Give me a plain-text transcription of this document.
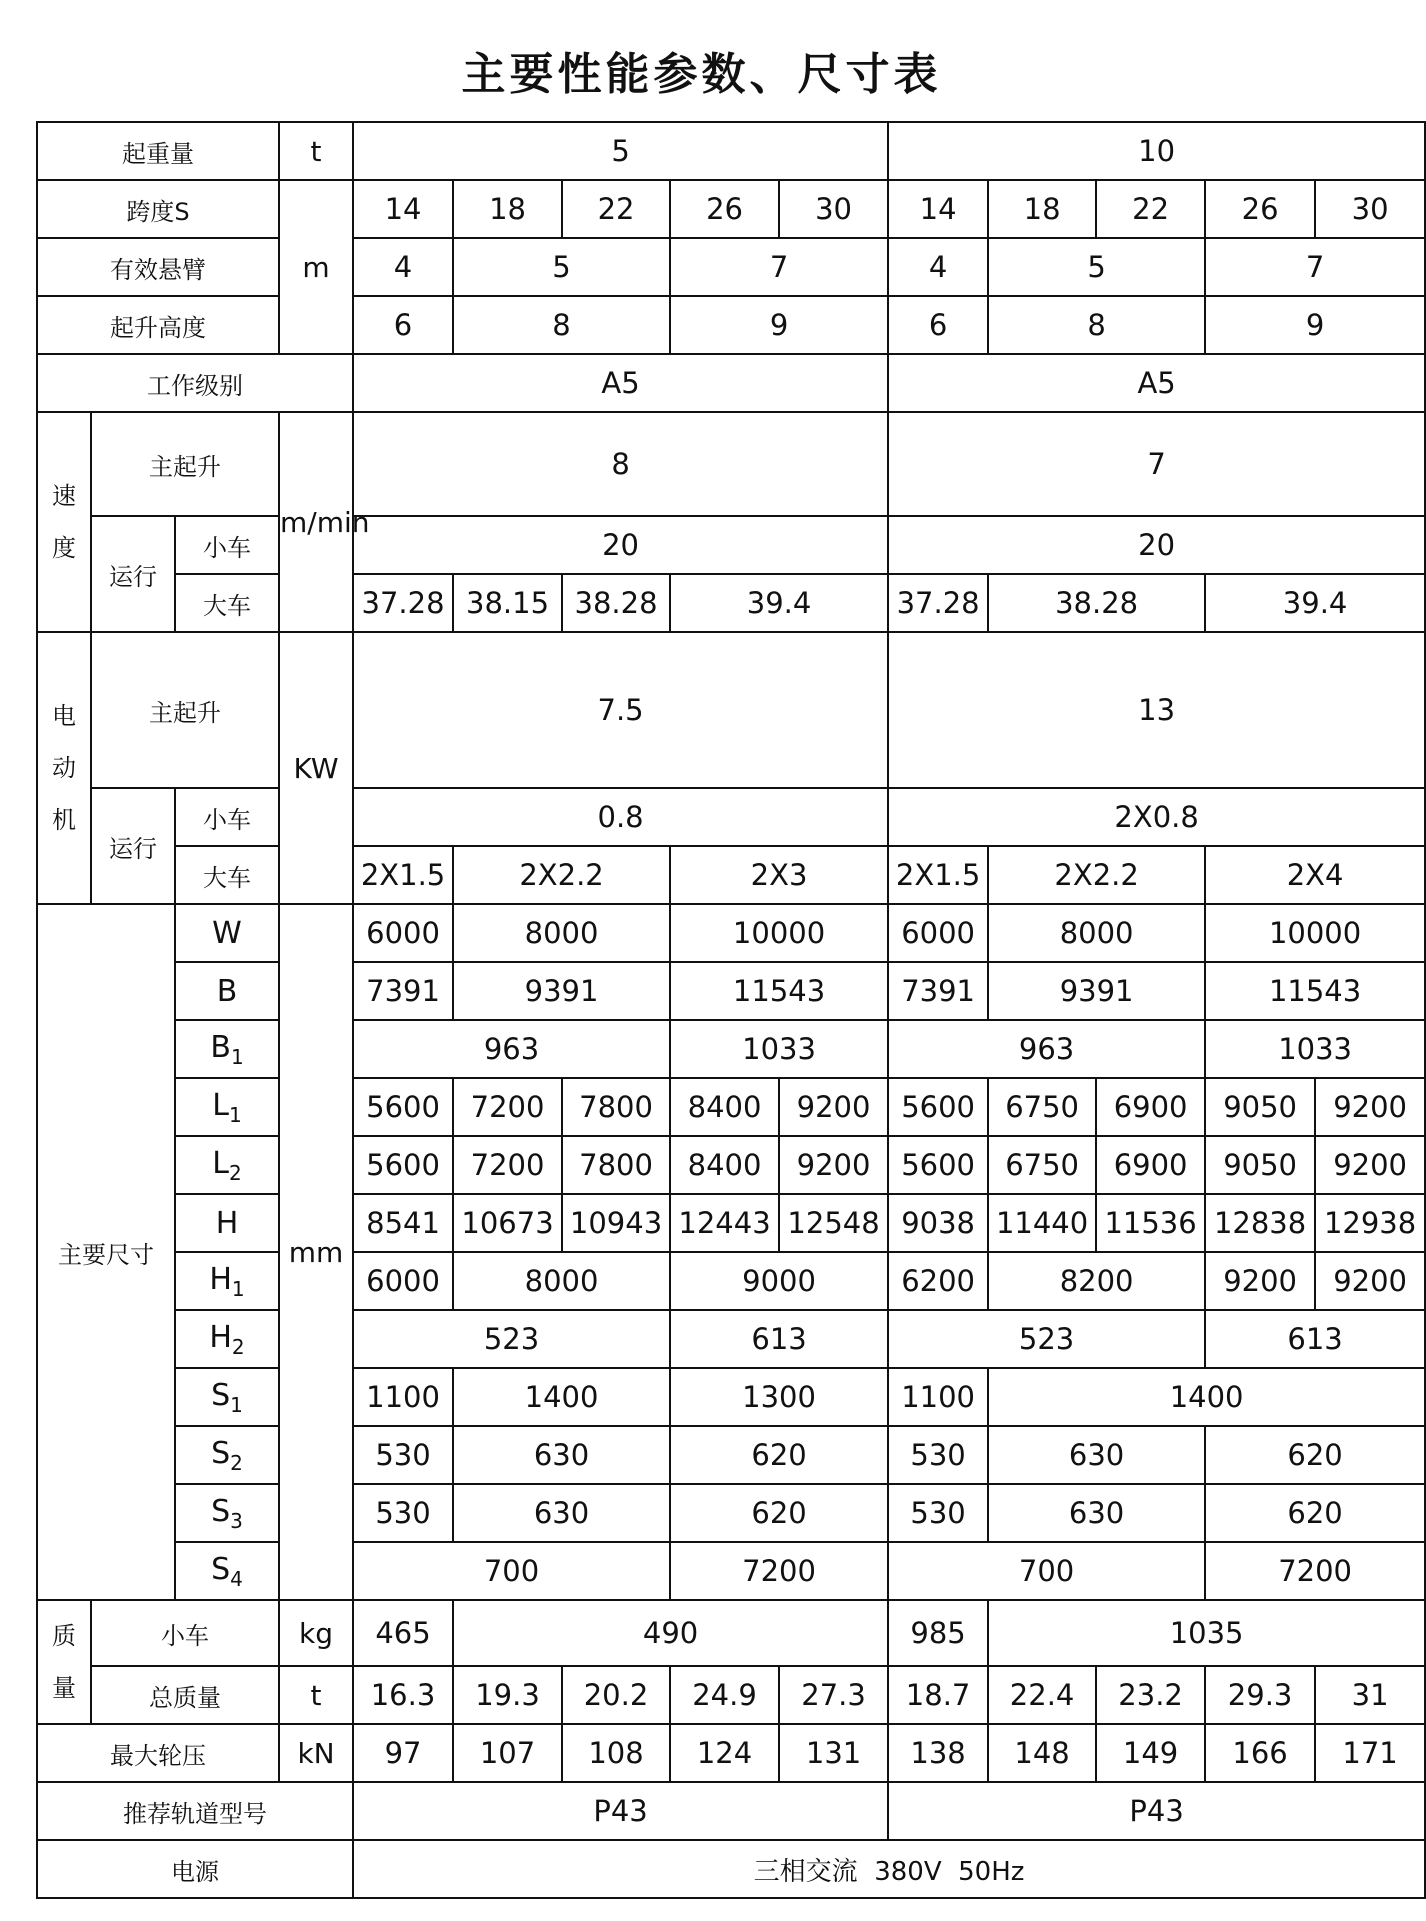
主要性能参数、尺寸表
起重量			t	5					10				
跨度S			m	14	18	22	26	30	14	18	22	26	30
有效悬臂				4	5		7		4	5		7	
起升高度				6	8		9		6	8		9	
工作级别				A5					A5				
速
度	主起升		m/min	8					7				
	运行	小车		20					20				
		大车		37.28	38.15	38.28	39.4		37.28	38.28		39.4	
电
动
机	主起升		KW	7.5					13				
	运行	小车		0.8					2X0.8				
		大车		2X1.5	2X2.2		2X3		2X1.5	2X2.2		2X4	
主要尺寸		W	mm	6000	8000		10000		6000	8000		10000	
		B		7391	9391		11543		7391	9391		11543	
		$B_1$		963			1033		963			1033	
		$L_1$		5600	7200	7800	8400	9200	5600	6750	6900	9050	9200
		$L_2$		5600	7200	7800	8400	9200	5600	6750	6900	9050	9200
		H		8541	10673	10943	12443	12548	9038	11440	11536	12838	12938
		$H_1$		6000	8000		9000		6200	8200		9200	9200
		$H_2$		523			613		523			613	
		$S_1$		1100	1400		1300		1100	1400			
		$S_2$		530	630		620		530	630		620	
		$S_3$		530	630		620		530	630		620	
		$S_4$		700			7200		700			7200	
质
量	小车		kg	465	490				985	1035			
	总质量		t	16.3	19.3	20.2	24.9	27.3	18.7	22.4	23.2	29.3	31
最大轮压			kN	97	107	108	124	131	138	148	149	166	171
推荐轨道型号				P43					P43				
电源				三相交流  380V  50Hz									
